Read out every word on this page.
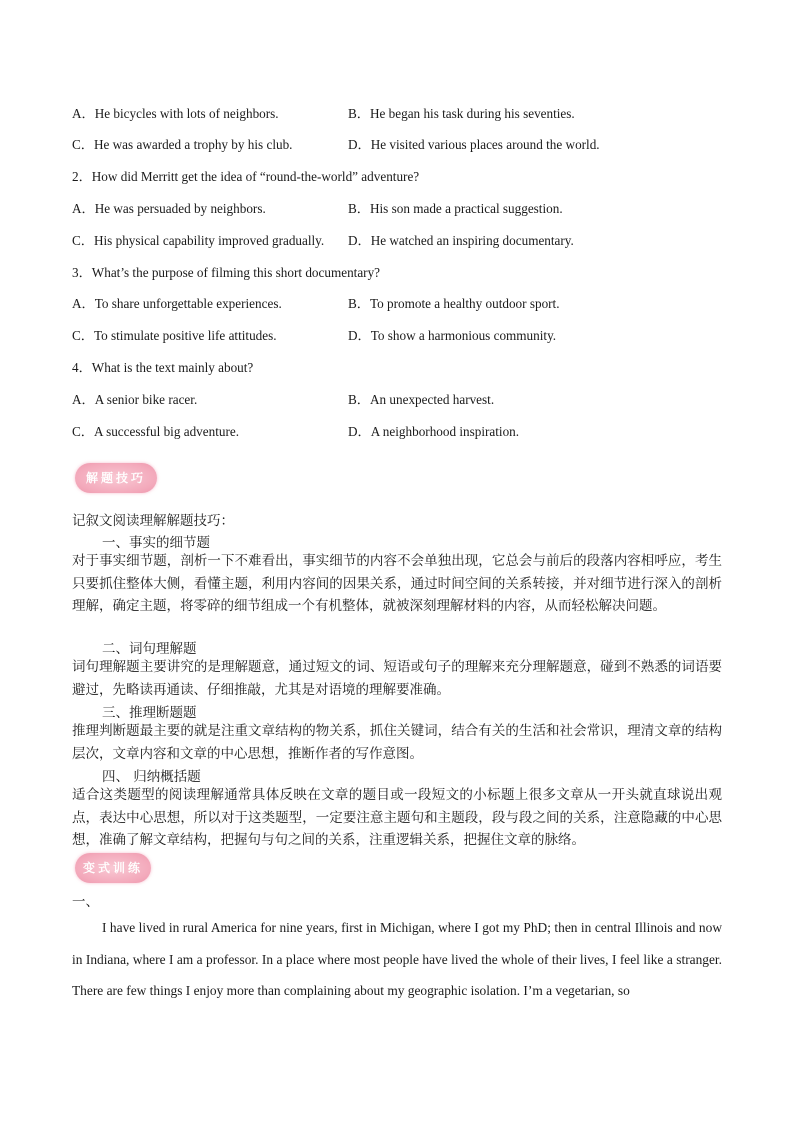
A．He bicycles with lots of neighbors.	B．He began his task during his seventies.
C．He was awarded a trophy by his club.	D．He visited various places around the world.
2．How did Merritt get the idea of “round-the-world” adventure?
A．He was persuaded by neighbors.	B．His son made a practical suggestion.
C．His physical capability improved gradually. D．He watched an inspiring documentary.
3．What’s the purpose of filming this short documentary?
A．To share unforgettable experiences.	B．To promote a healthy outdoor sport.
C．To stimulate positive life attitudes.	D．To show a harmonious community.
4．What is the text mainly about?
A．A senior bike racer.	B．An unexpected harvest.
C．A successful big adventure.	D．A neighborhood inspiration.
解题技巧
记叙文阅读理解解题技巧：
一、事实的细节题
对于事实细节题，剖析一下不难看出，事实细节的内容不会单独出现，它总会与前后的段落内容相呼应，考生只要抓住整体大侧，看懂主题，利用内容间的因果关系，通过时间空间的关系转接，并对细节进行深入的剖析理解，确定主题，将零碎的细节组成一个有机整体，就被深刻理解材料的内容，从而轻松解决问题。
二、词句理解题
词句理解题主要讲究的是理解题意，通过短文的词、短语或句子的理解来充分理解题意，碰到不熟悉的词语要避过，先略读再通读、仔细推敲，尤其是对语境的理解要准确。
三、推理断题题
推理判断题最主要的就是注重文章结构的物关系，抓住关键词，结合有关的生活和社会常识，理清文章的结构层次，文章内容和文章的中心思想，推断作者的写作意图。
四、 归纳概括题
适合这类题型的阅读理解通常具体反映在文章的题目或一段短文的小标题上很多文章从一开头就直球说出观点，表达中心思想，所以对于这类题型，一定要注意主题句和主题段，段与段之间的关系，注意隐藏的中心思想，准确了解文章结构，把握句与句之间的关系，注重逻辑关系，把握住文章的脉络。
变式训练
一、
I have lived in rural America for nine years, first in Michigan, where I got my PhD; then in central Illinois and now in Indiana, where I am a professor. In a place where most people have lived the whole of their lives, I feel like a stranger. There are few things I enjoy more than complaining about my geographic isolation. I’m a vegetarian, so
